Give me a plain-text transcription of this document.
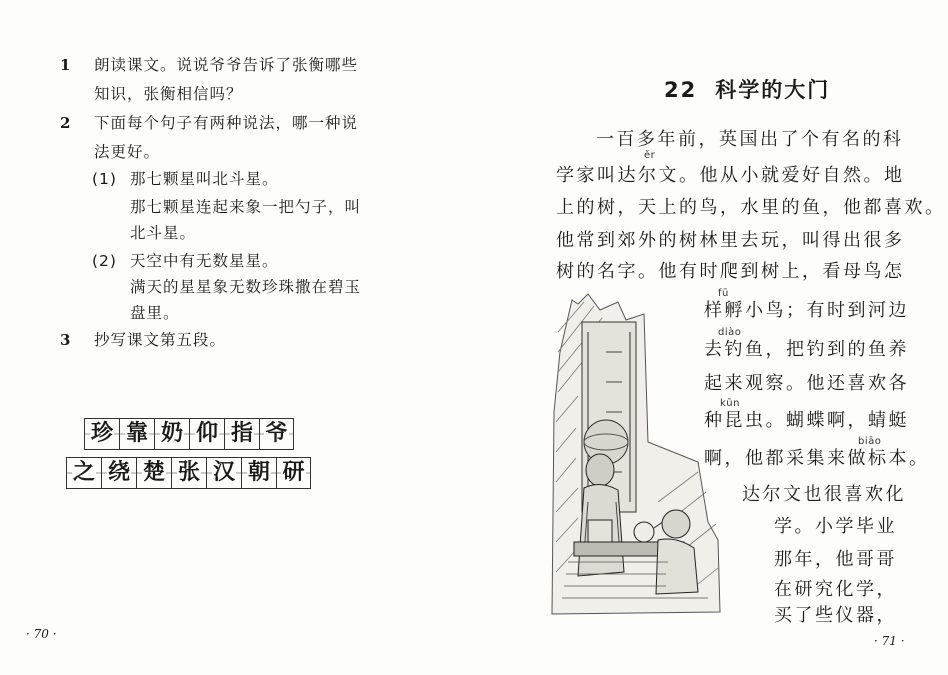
1 朗读课文。说说爷爷告诉了张衡哪些
知识，张衡相信吗？
2 下面每个句子有两种说法，哪一种说
法更好。
(1) 那七颗星叫北斗星。
那七颗星连起来象一把勺子，叫
北斗星。
(2) 天空中有无数星星。
满天的星星象无数珍珠撒在碧玉
盘里。
3 抄写课文第五段。
珍 靠 奶 仰 指 爷
之 绕 楚 张 汉 朝 研
· 70 ·
22 科学的大门
ěr
fū
diào
kūn
biāo
一百多年前，英国出了个有名的科
学家叫达尔文。他从小就爱好自然。地
上的树，天上的鸟，水里的鱼，他都喜欢。
他常到郊外的树林里去玩，叫得出很多
树的名字。他有时爬到树上，看母鸟怎
样孵小鸟；有时到河边
去钓鱼，把钓到的鱼养
起来观察。他还喜欢各
种昆虫。蝴蝶啊，蜻蜓
啊，他都采集来做标本。
达尔文也很喜欢化
学。小学毕业
那年，他哥哥
在研究化学，
买了些仪器，
· 71 ·
